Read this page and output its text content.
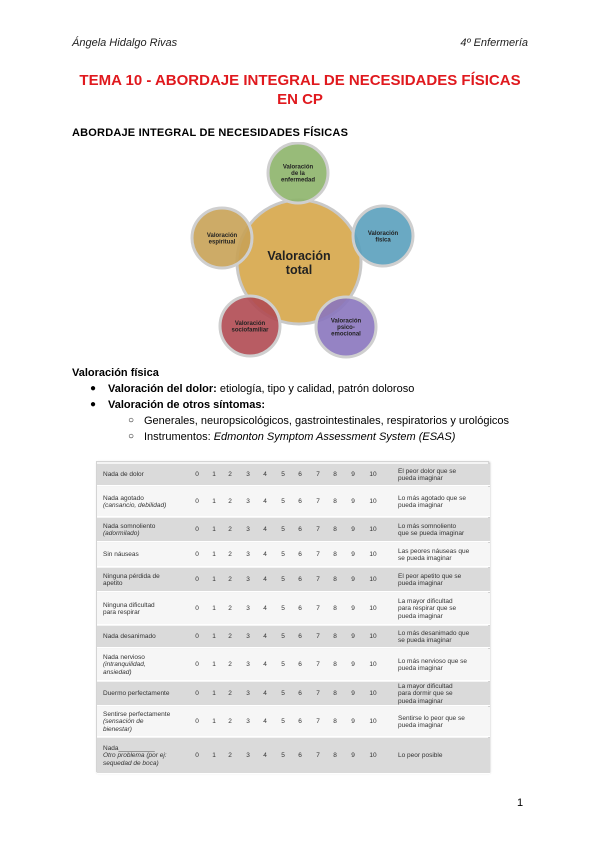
Ángela Hidalgo Rivas	4º Enfermería
TEMA 10 - ABORDAJE INTEGRAL DE NECESIDADES FÍSICAS
EN CP
ABORDAJE INTEGRAL DE NECESIDADES FÍSICAS
Valoración de la enfermedad
Valoración física
Valoración psico-emocional
Valoración sociofamiliar
Valoración espiritual
Valoración total
Valoración física
● Valoración del dolor: etiología, tipo y calidad, patrón doloroso
● Valoración de otros síntomas:
○ Generales, neuropsicológicos, gastrointestinales, respiratorios y urológicos
○ Instrumentos: Edmonton Symptom Assessment System (ESAS)
Nada de dolor	0	1	2	3	4	5	6	7	8	9	10	El peor dolor que se
pueda imaginar
Nada agotado
(cansancio, debilidad)
0	1	2	3	4	5	6	7	8	9	10	Lo más agotado que se
pueda imaginar
Nada somnoliento
(adormilado)
0	1	2	3	4	5	6	7	8	9	10	Lo más somnoliento
que se pueda imaginar
Sin náuseas	0	1	2	3	4	5	6	7	8	9	10	Las peores náuseas que
se pueda imaginar
Ninguna pérdida de
apetito
0	1	2	3	4	5	6	7	8	9	10	El peor apetito que se
pueda imaginar
Ninguna dificultad
para respirar
0	1	2	3	4	5	6	7	8	9	10
La mayor dificultad
para respirar que se
pueda imaginar
Nada desanimado	0	1	2	3	4	5	6	7	8	9	10	Lo más desanimado que
se pueda imaginar
Nada nervioso
(intranquilidad,
ansiedad)
0	1	2	3	4	5	6	7	8	9	10	Lo más nervioso que se
pueda imaginar
Duermo perfectamente	0	1	2	3	4	5	6	7	8	9	10
La mayor dificultad
para dormir que se
pueda imaginar
Sentirse perfectamente
(sensación de
bienestar)
0	1	2	3	4	5	6	7	8	9	10	Sentirse lo peor que se
pueda imaginar
Nada__________
Otro problema (por ej:
sequedad de boca)
0	1	2	3	4	5	6	7	8	9	10	Lo peor posible
1
